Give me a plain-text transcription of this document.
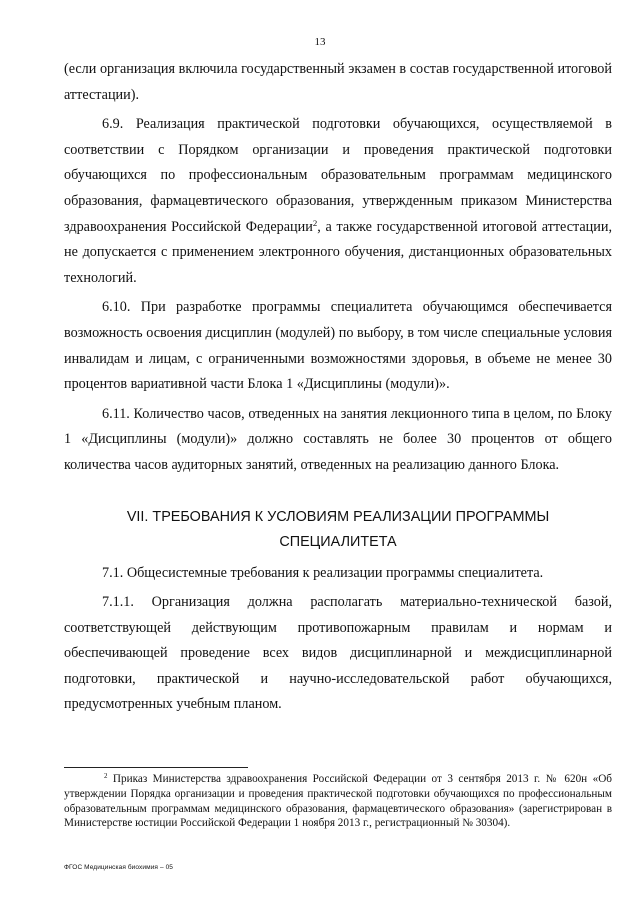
13

(если организация включила государственный экзамен в состав государственной итоговой аттестации).

6.9. Реализация практической подготовки обучающихся, осуществляемой в соответствии с Порядком организации и проведения практической подготовки обучающихся по профессиональным образовательным программам медицинского образования, фармацевтического образования, утвержденным приказом Министерства здравоохранения Российской Федерации$^2$, а также государственной итоговой аттестации, не допускается с применением электронного обучения, дистанционных образовательных технологий.

6.10. При разработке программы специалитета обучающимся обеспечивается возможность освоения дисциплин (модулей) по выбору, в том числе специальные условия инвалидам и лицам, с ограниченными возможностями здоровья, в объеме не менее 30 процентов вариативной части Блока 1 «Дисциплины (модули)».

6.11. Количество часов, отведенных на занятия лекционного типа в целом, по Блоку 1 «Дисциплины (модули)» должно составлять не более 30 процентов от общего количества часов аудиторных занятий, отведенных на реализацию данного Блока.

VII. ТРЕБОВАНИЯ К УСЛОВИЯМ РЕАЛИЗАЦИИ ПРОГРАММЫ
СПЕЦИАЛИТЕТА

7.1. Общесистемные требования к реализации программы специалитета.

7.1.1. Организация должна располагать материально-технической базой, соответствующей действующим противопожарным правилам и нормам и обеспечивающей проведение всех видов дисциплинарной и междисциплинарной подготовки, практической и научно-исследовательской работ обучающихся, предусмотренных учебным планом.

$^2$ Приказ Министерства здравоохранения Российской Федерации от 3 сентября 2013 г. № 620н «Об утверждении Порядка организации и проведения практической подготовки обучающихся по профессиональным образовательным программам медицинского образования, фармацевтического образования» (зарегистрирован в Министерстве юстиции Российской Федерации 1 ноября 2013 г., регистрационный № 30304).
ФГОС Медицинская биохимия – 05
